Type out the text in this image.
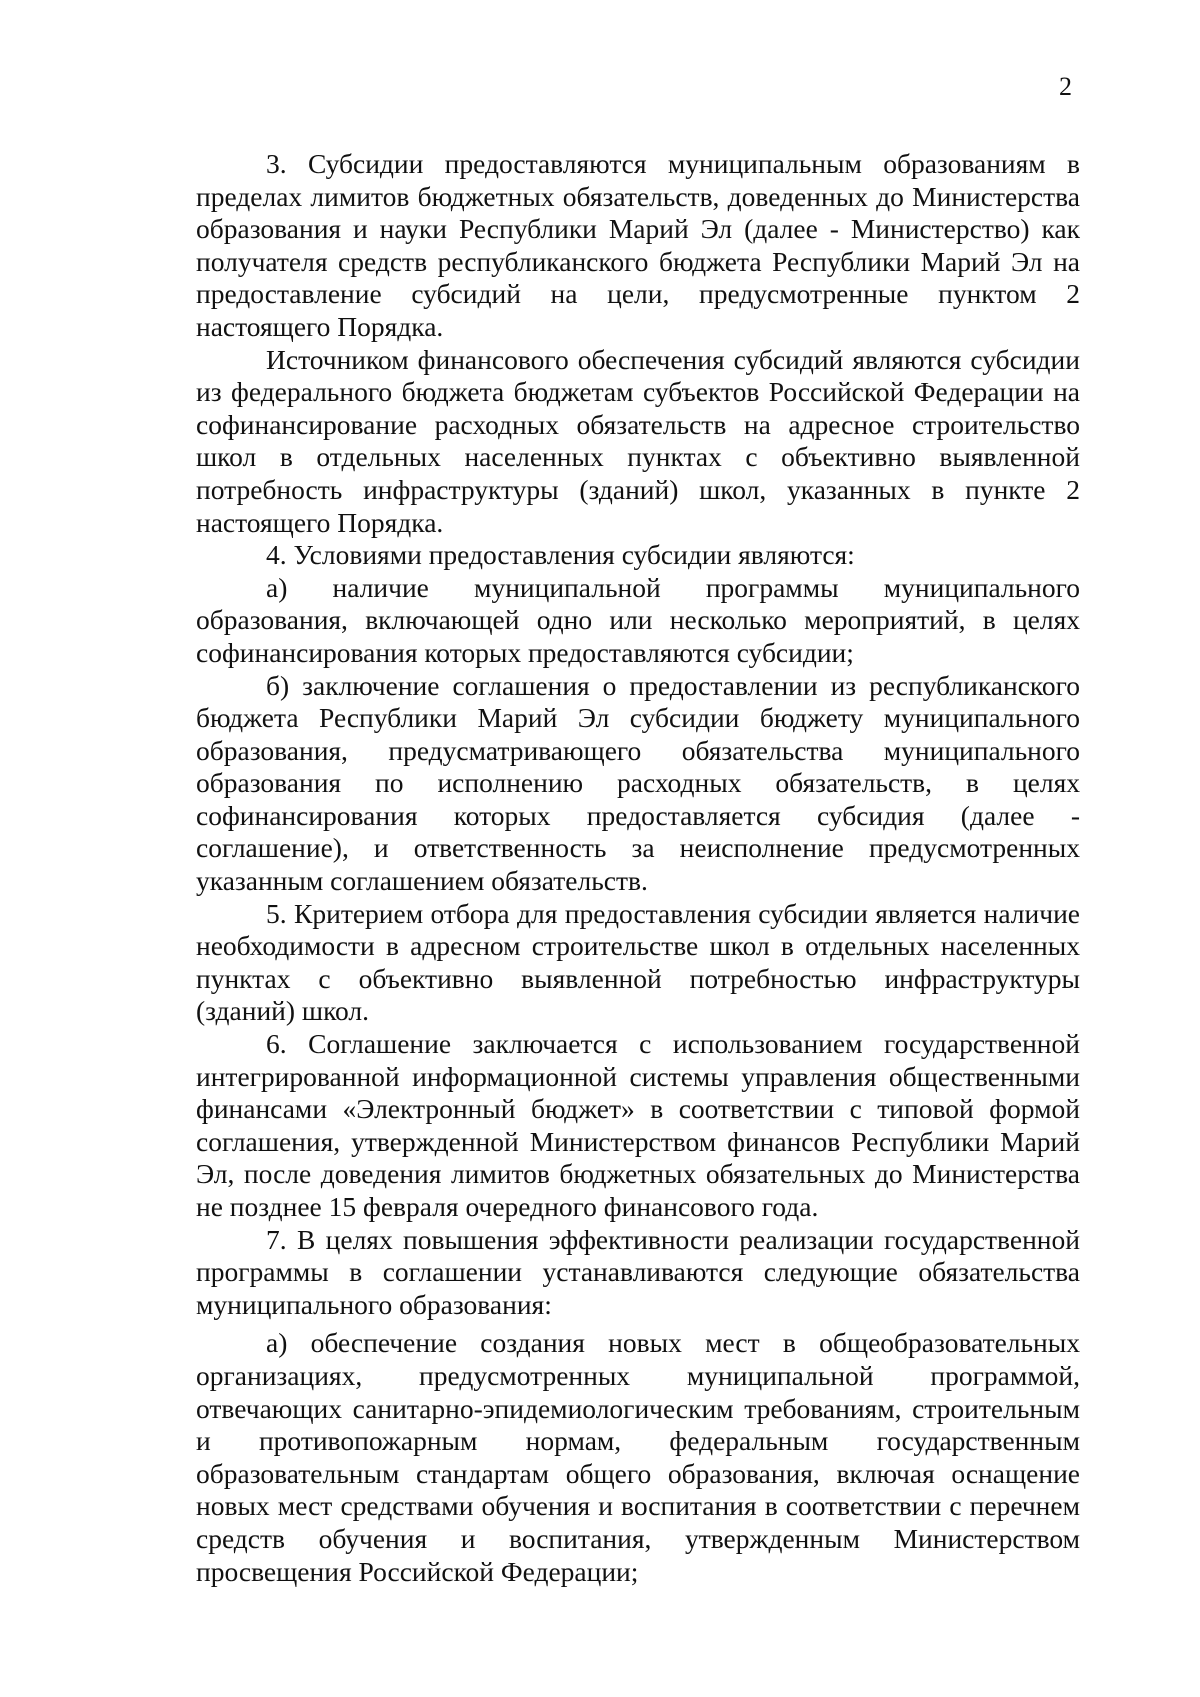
2

3. Субсидии предоставляются муниципальным образованиям в пределах лимитов бюджетных обязательств, доведенных до Министерства образования и науки Республики Марий Эл (далее - Министерство) как получателя средств республиканского бюджета Республики Марий Эл на предоставление субсидий на цели, предусмотренные пунктом 2 настоящего Порядка.

Источником финансового обеспечения субсидий являются субсидии из федерального бюджета бюджетам субъектов Российской Федерации на софинансирование расходных обязательств на адресное строительство школ в отдельных населенных пунктах с объективно выявленной потребность инфраструктуры (зданий) школ, указанных в пункте 2 настоящего Порядка.

4. Условиями предоставления субсидии являются:

а) наличие муниципальной программы муниципального образования, включающей одно или несколько мероприятий, в целях софинансирования которых предоставляются субсидии;

б) заключение соглашения о предоставлении из республиканского бюджета Республики Марий Эл субсидии бюджету муниципального образования, предусматривающего обязательства муниципального образования по исполнению расходных обязательств, в целях софинансирования которых предоставляется субсидия (далее - соглашение), и ответственность за неисполнение предусмотренных указанным соглашением обязательств.

5. Критерием отбора для предоставления субсидии является наличие необходимости в адресном строительстве школ в отдельных населенных пунктах с объективно выявленной потребностью инфраструктуры (зданий) школ.

6. Соглашение заключается с использованием государственной интегрированной информационной системы управления общественными финансами «Электронный бюджет» в соответствии с типовой формой соглашения, утвержденной Министерством финансов Республики Марий Эл, после доведения лимитов бюджетных обязательных до Министерства не позднее 15 февраля очередного финансового года.

7. В целях повышения эффективности реализации государственной программы в соглашении устанавливаются следующие обязательства муниципального образования:

а) обеспечение создания новых мест в общеобразовательных организациях, предусмотренных муниципальной программой, отвечающих санитарно-эпидемиологическим требованиям, строительным и противопожарным нормам, федеральным государственным образовательным стандартам общего образования, включая оснащение новых мест средствами обучения и воспитания в соответствии с перечнем средств обучения и воспитания, утвержденным Министерством просвещения Российской Федерации;
